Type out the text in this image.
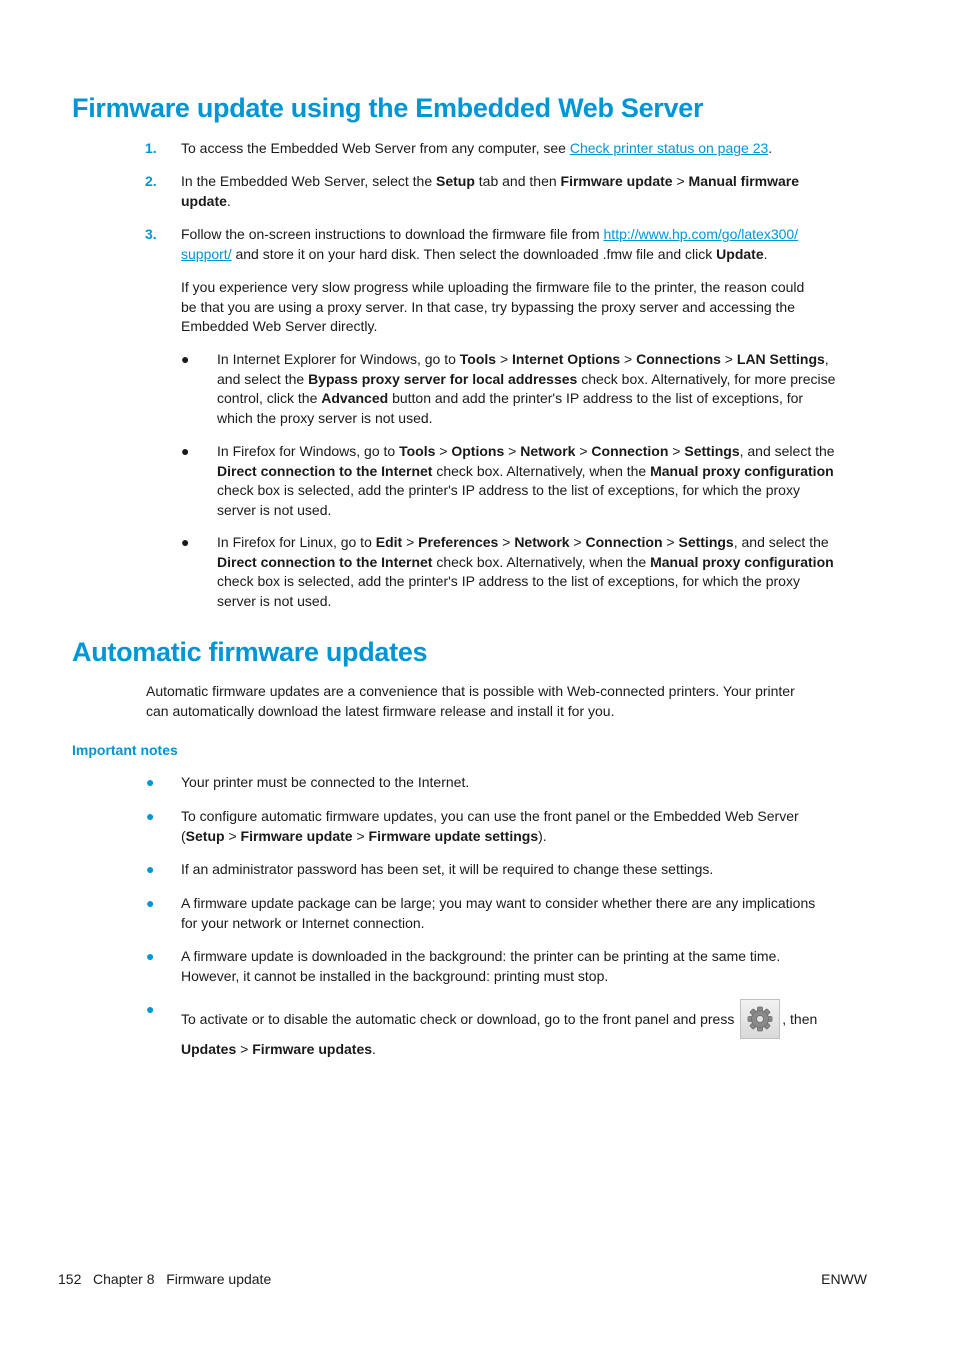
Firmware update using the Embedded Web Server
1. To access the Embedded Web Server from any computer, see Check printer status on page 23.

2. In the Embedded Web Server, select the Setup tab and then Firmware update > Manual firmware
update.

3. Follow the on-screen instructions to download the firmware file from http://www.hp.com/go/latex300/
support/ and store it on your hard disk. Then select the downloaded .fmw file and click Update.

If you experience very slow progress while uploading the firmware file to the printer, the reason could
be that you are using a proxy server. In that case, try bypassing the proxy server and accessing the
Embedded Web Server directly.

● In Internet Explorer for Windows, go to Tools > Internet Options > Connections > LAN Settings,
and select the Bypass proxy server for local addresses check box. Alternatively, for more precise
control, click the Advanced button and add the printer's IP address to the list of exceptions, for
which the proxy server is not used.

● In Firefox for Windows, go to Tools > Options > Network > Connection > Settings, and select the
Direct connection to the Internet check box. Alternatively, when the Manual proxy configuration
check box is selected, add the printer's IP address to the list of exceptions, for which the proxy
server is not used.

● In Firefox for Linux, go to Edit > Preferences > Network > Connection > Settings, and select the
Direct connection to the Internet check box. Alternatively, when the Manual proxy configuration
check box is selected, add the printer's IP address to the list of exceptions, for which the proxy
server is not used.

Automatic firmware updates

Automatic firmware updates are a convenience that is possible with Web-connected printers. Your printer
can automatically download the latest firmware release and install it for you.

Important notes
● Your printer must be connected to the Internet.

● To configure automatic firmware updates, you can use the front panel or the Embedded Web Server
(Setup > Firmware update > Firmware update settings).

● If an administrator password has been set, it will be required to change these settings.

● A firmware update package can be large; you may want to consider whether there are any implications
for your network or Internet connection.

● A firmware update is downloaded in the background: the printer can be printing at the same time.
However, it cannot be installed in the background: printing must stop.

●

To activate or to disable the automatic check or download, go to the front panel and press	, then

Updates > Firmware updates.

152 Chapter 8 Firmware update	ENWW
